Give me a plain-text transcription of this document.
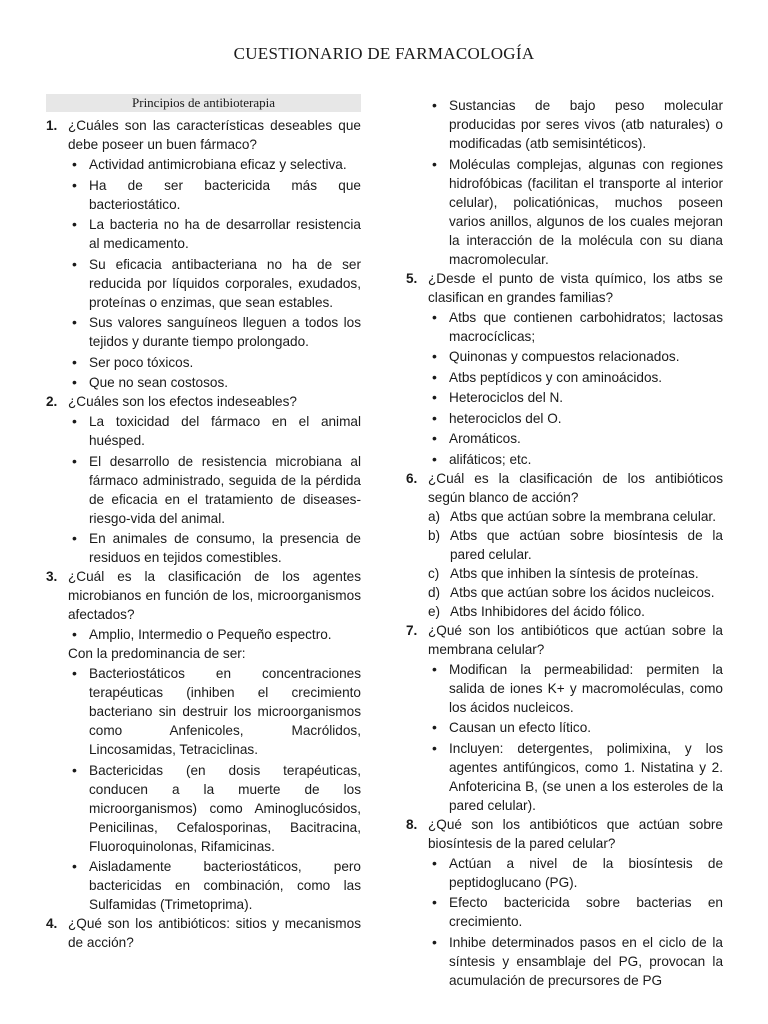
CUESTIONARIO DE FARMACOLOGÍA
Principios de antibioterapia
1. ¿Cuáles son las características deseables que debe poseer un buen fármaco?
• Actividad antimicrobiana eficaz y selectiva.
• Ha de ser bactericida más que bacteriostático.
• La bacteria no ha de desarrollar resistencia al medicamento.
• Su eficacia antibacteriana no ha de ser reducida por líquidos corporales, exudados, proteínas o enzimas, que sean estables.
• Sus valores sanguíneos lleguen a todos los tejidos y durante tiempo prolongado.
• Ser poco tóxicos.
• Que no sean costosos.
2. ¿Cuáles son los efectos indeseables?
• La toxicidad del fármaco en el animal huésped.
• El desarrollo de resistencia microbiana al fármaco administrado, seguida de la pérdida de eficacia en el tratamiento de diseases-riesgo-vida del animal.
• En animales de consumo, la presencia de residuos en tejidos comestibles.
3. ¿Cuál es la clasificación de los agentes microbianos en función de los, microorganismos afectados?
• Amplio, Intermedio o Pequeño espectro.
Con la predominancia de ser:
• Bacteriostáticos en concentraciones terapéuticas (inhiben el crecimiento bacteriano sin destruir los microorganismos como Anfenicoles, Macrólidos, Lincosamidas, Tetraciclinas.
• Bactericidas (en dosis terapéuticas, conducen a la muerte de los microorganismos) como Aminoglucósidos, Penicilinas, Cefalosporinas, Bacitracina, Fluoroquinolonas, Rifamicinas.
• Aisladamente bacteriostáticos, pero bactericidas en combinación, como las Sulfamidas (Trimetoprima).
4. ¿Qué son los antibióticos: sitios y mecanismos de acción?
• Sustancias de bajo peso molecular producidas por seres vivos (atb naturales) o modificadas (atb semisintéticos).
• Moléculas complejas, algunas con regiones hidrofóbicas (facilitan el transporte al interior celular), policatiónicas, muchos poseen varios anillos, algunos de los cuales mejoran la interacción de la molécula con su diana macromolecular.
5. ¿Desde el punto de vista químico, los atbs se clasifican en grandes familias?
• Atbs que contienen carbohidratos; lactosas macrocíclicas;
• Quinonas y compuestos relacionados.
• Atbs peptídicos y con aminoácidos.
• Heterociclos del N.
• heterociclos del O.
• Aromáticos.
• alifáticos; etc.
6. ¿Cuál es la clasificación de los antibióticos según blanco de acción?
a) Atbs que actúan sobre la membrana celular.
b) Atbs que actúan sobre biosíntesis de la pared celular.
c) Atbs que inhiben la síntesis de proteínas.
d) Atbs que actúan sobre los ácidos nucleicos.
e) Atbs Inhibidores del ácido fólico.
7. ¿Qué son los antibióticos que actúan sobre la membrana celular?
• Modifican la permeabilidad: permiten la salida de iones K+ y macromoléculas, como los ácidos nucleicos.
• Causan un efecto lítico.
• Incluyen: detergentes, polimixina, y los agentes antifúngicos, como 1. Nistatina y 2. Anfotericina B, (se unen a los esteroles de la pared celular).
8. ¿Qué son los antibióticos que actúan sobre biosíntesis de la pared celular?
• Actúan a nivel de la biosíntesis de peptidoglucano (PG).
• Efecto bactericida sobre bacterias en crecimiento.
• Inhibe determinados pasos en el ciclo de la síntesis y ensamblaje del PG, provocan la acumulación de precursores de PG
